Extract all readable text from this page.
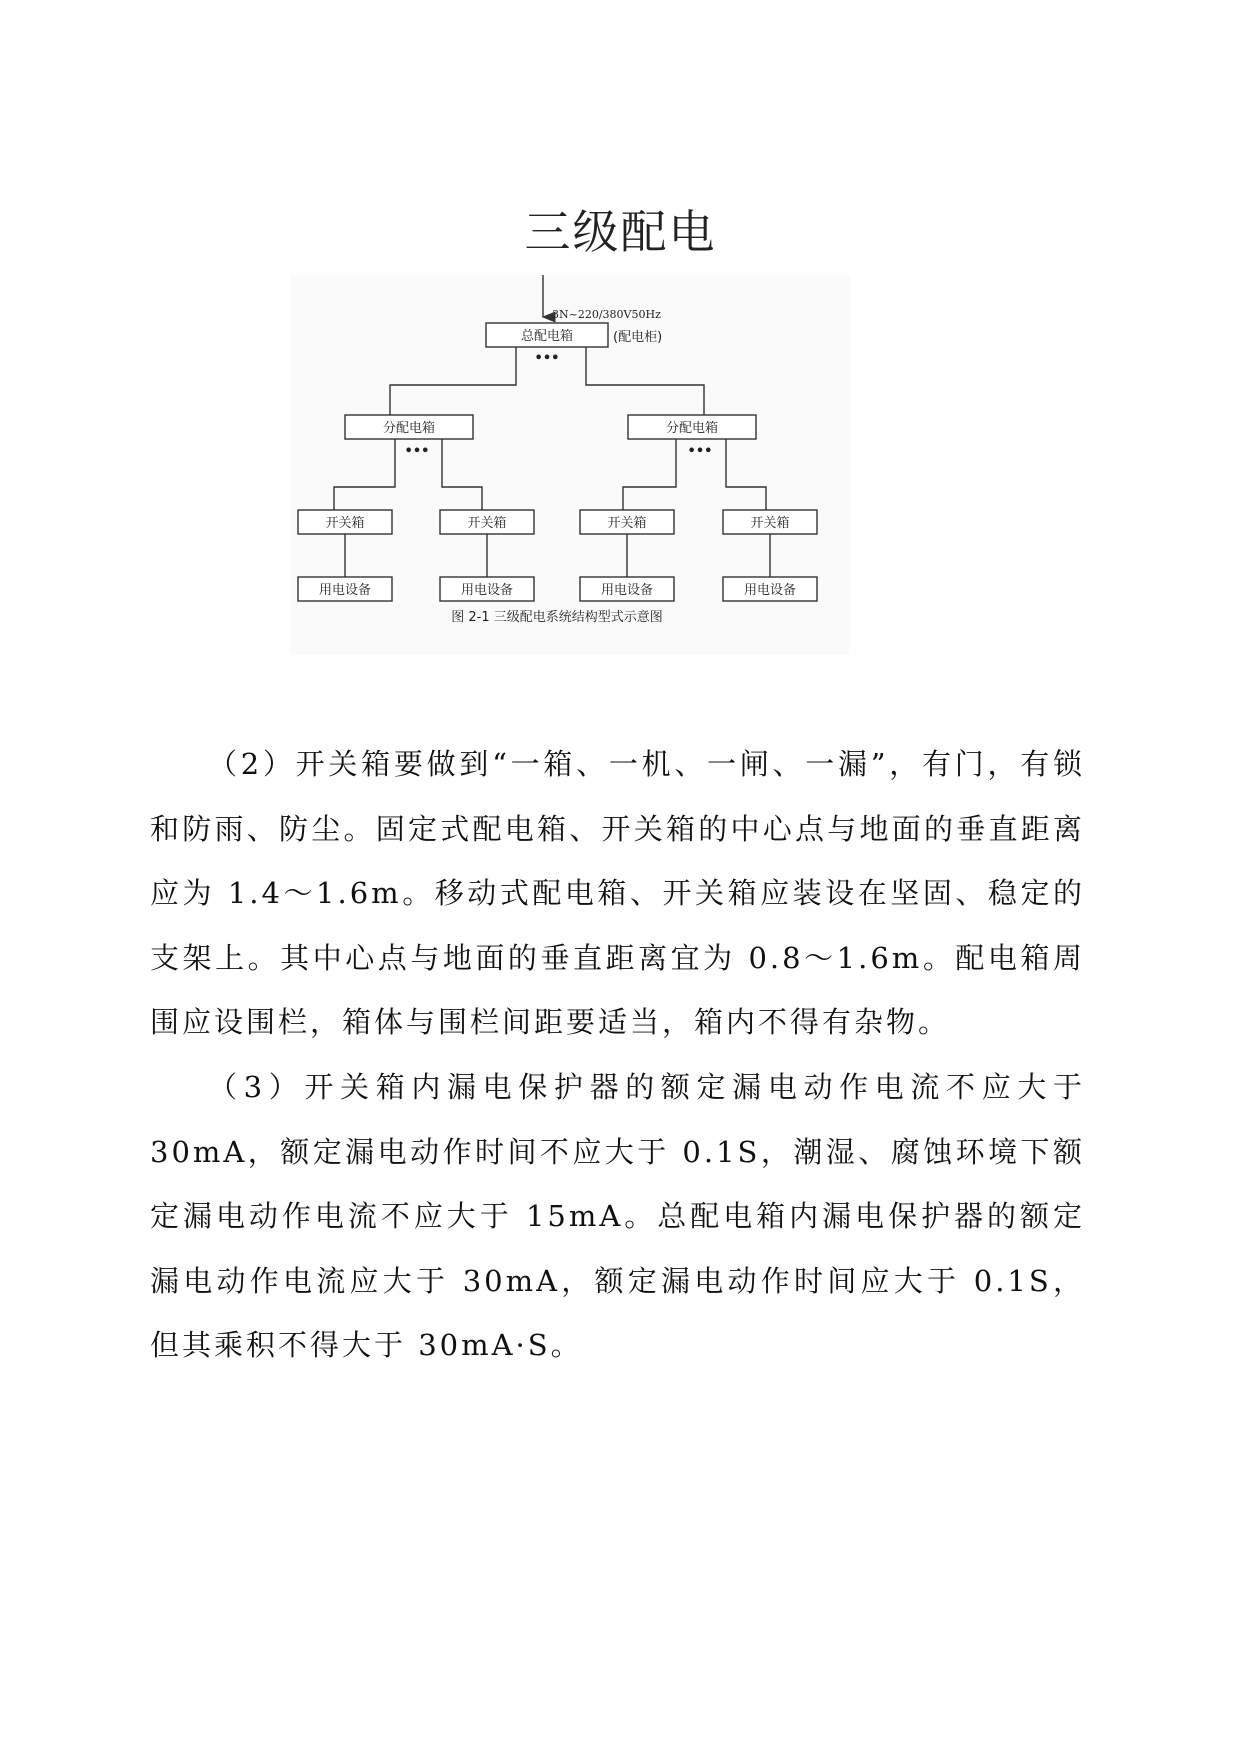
三级配电
3N~220/380V50Hz
总配电箱	(配电柜)
•••
分配电箱	分配电箱
•••	•••
开关箱	开关箱	开关箱	开关箱
用电设备	用电设备	用电设备	用电设备
图 2-1 三级配电系统结构型式示意图

（2）开关箱要做到“一箱、一机、一闸、一漏”，有门，有锁和防雨、防尘。固定式配电箱、开关箱的中心点与地面的垂直距离应为 1.4～1.6m。移动式配电箱、开关箱应装设在坚固、稳定的支架上。其中心点与地面的垂直距离宜为 0.8～1.6m。配电箱周围应设围栏，箱体与围栏间距要适当，箱内不得有杂物。

（3）开关箱内漏电保护器的额定漏电动作电流不应大于 30mA，额定漏电动作时间不应大于 0.1S，潮湿、腐蚀环境下额定漏电动作电流不应大于 15mA。总配电箱内漏电保护器的额定漏电动作电流应大于 30mA，额定漏电动作时间应大于 0.1S，但其乘积不得大于 30mA·S。
